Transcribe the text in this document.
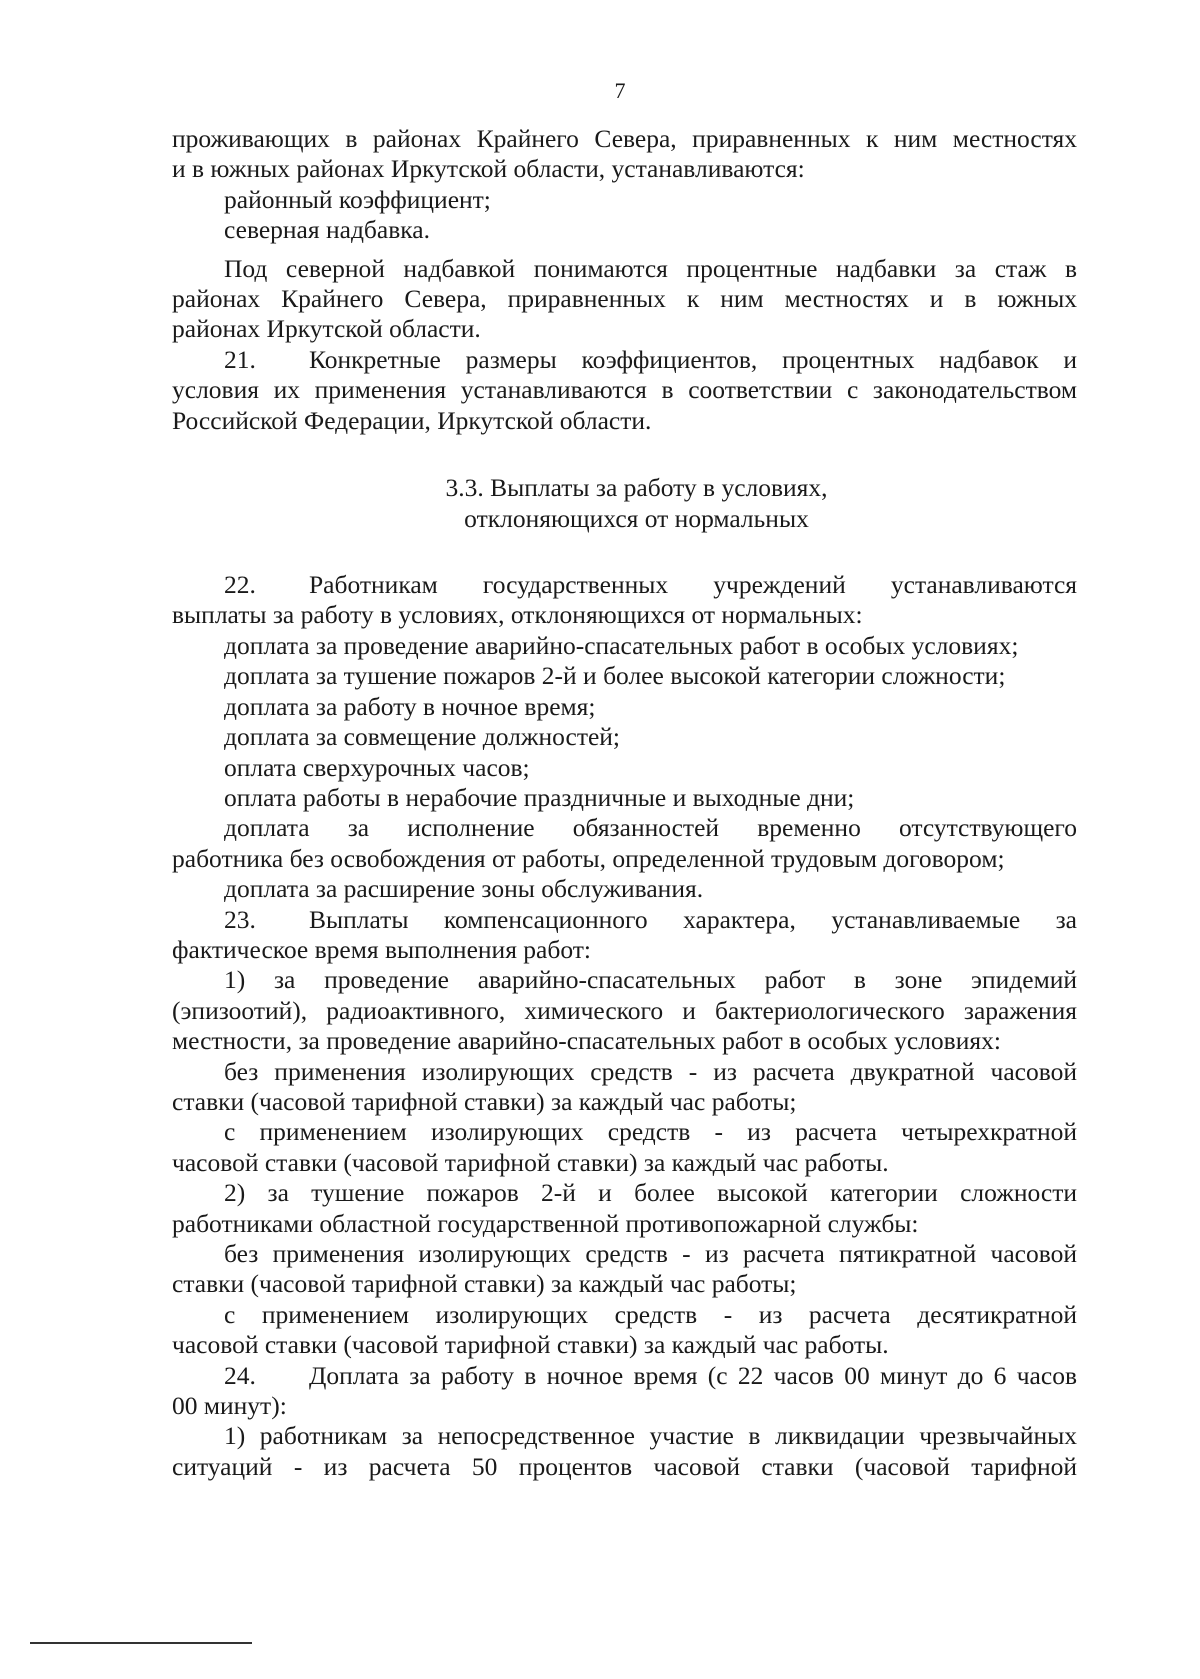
7

проживающих в районах Крайнего Севера, приравненных к ним местностях

и в южных районах Иркутской области, устанавливаются:

районный коэффициент;

северная надбавка.

Под северной надбавкой понимаются процентные надбавки за стаж в

районах Крайнего Севера, приравненных к ним местностях и в южных

районах Иркутской области.

21. Конкретные размеры коэффициентов, процентных надбавок и

условия их применения устанавливаются в соответствии с законодательством

Российской Федерации, Иркутской области.

3.3. Выплаты за работу в условиях,
отклоняющихся от нормальных

22. Работникам государственных учреждений устанавливаются

выплаты за работу в условиях, отклоняющихся от нормальных:

доплата за проведение аварийно-спасательных работ в особых условиях;

доплата за тушение пожаров 2-й и более высокой категории сложности;

доплата за работу в ночное время;

доплата за совмещение должностей;

оплата сверхурочных часов;

оплата работы в нерабочие праздничные и выходные дни;

доплата за исполнение обязанностей временно отсутствующего

работника без освобождения от работы, определенной трудовым договором;

доплата за расширение зоны обслуживания.

23. Выплаты компенсационного характера, устанавливаемые за

фактическое время выполнения работ:

1) за проведение аварийно-спасательных работ в зоне эпидемий

(эпизоотий), радиоактивного, химического и бактериологического заражения

местности, за проведение аварийно-спасательных работ в особых условиях:

без применения изолирующих средств - из расчета двукратной часовой

ставки (часовой тарифной ставки) за каждый час работы;

с применением изолирующих средств - из расчета четырехкратной

часовой ставки (часовой тарифной ставки) за каждый час работы.

2) за тушение пожаров 2-й и более высокой категории сложности

работниками областной государственной противопожарной службы:

без применения изолирующих средств - из расчета пятикратной часовой

ставки (часовой тарифной ставки) за каждый час работы;

с применением изолирующих средств - из расчета десятикратной

часовой ставки (часовой тарифной ставки) за каждый час работы.

24. Доплата за работу в ночное время (с 22 часов 00 минут до 6 часов

00 минут):

1) работникам за непосредственное участие в ликвидации чрезвычайных

ситуаций - из расчета 50 процентов часовой ставки (часовой тарифной
